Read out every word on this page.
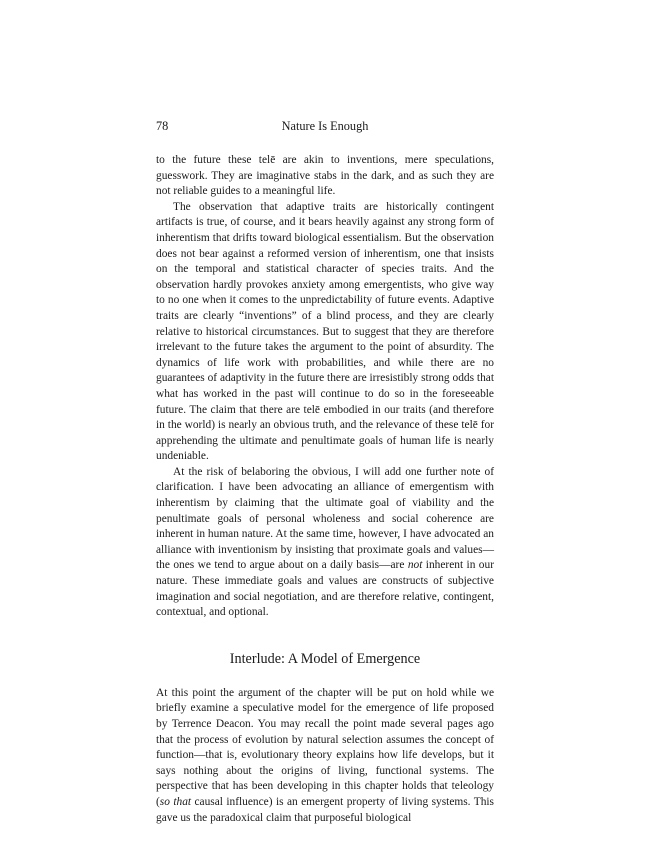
78	Nature Is Enough

to the future these telē are akin to inventions, mere speculations, guesswork. They are imaginative stabs in the dark, and as such they are not reliable guides to a meaningful life.

The observation that adaptive traits are historically contingent artifacts is true, of course, and it bears heavily against any strong form of inherentism that drifts toward biological essentialism. But the observation does not bear against a reformed version of inherentism, one that insists on the temporal and statistical character of species traits. And the observation hardly provokes anxiety among emergentists, who give way to no one when it comes to the unpredictability of future events. Adaptive traits are clearly “inventions” of a blind process, and they are clearly relative to historical circumstances. But to suggest that they are therefore irrelevant to the future takes the argument to the point of absurdity. The dynamics of life work with probabilities, and while there are no guarantees of adaptivity in the future there are irresistibly strong odds that what has worked in the past will continue to do so in the foreseeable future. The claim that there are telē embodied in our traits (and therefore in the world) is nearly an obvious truth, and the relevance of these telē for apprehending the ultimate and penultimate goals of human life is nearly undeniable.

At the risk of belaboring the obvious, I will add one further note of clarification. I have been advocating an alliance of emergentism with inherentism by claiming that the ultimate goal of viability and the penultimate goals of personal wholeness and social coherence are inherent in human nature. At the same time, however, I have advocated an alliance with inventionism by insisting that proximate goals and values—the ones we tend to argue about on a daily basis—are not inherent in our nature. These immediate goals and values are constructs of subjective imagination and social negotiation, and are therefore relative, contingent, contextual, and optional.

Interlude: A Model of Emergence

At this point the argument of the chapter will be put on hold while we briefly examine a speculative model for the emergence of life proposed by Terrence Deacon. You may recall the point made several pages ago that the process of evolution by natural selection assumes the concept of function—that is, evolutionary theory explains how life develops, but it says nothing about the origins of living, functional systems. The perspective that has been developing in this chapter holds that teleology (so that causal influence) is an emergent property of living systems. This gave us the paradoxical claim that purposeful biological
